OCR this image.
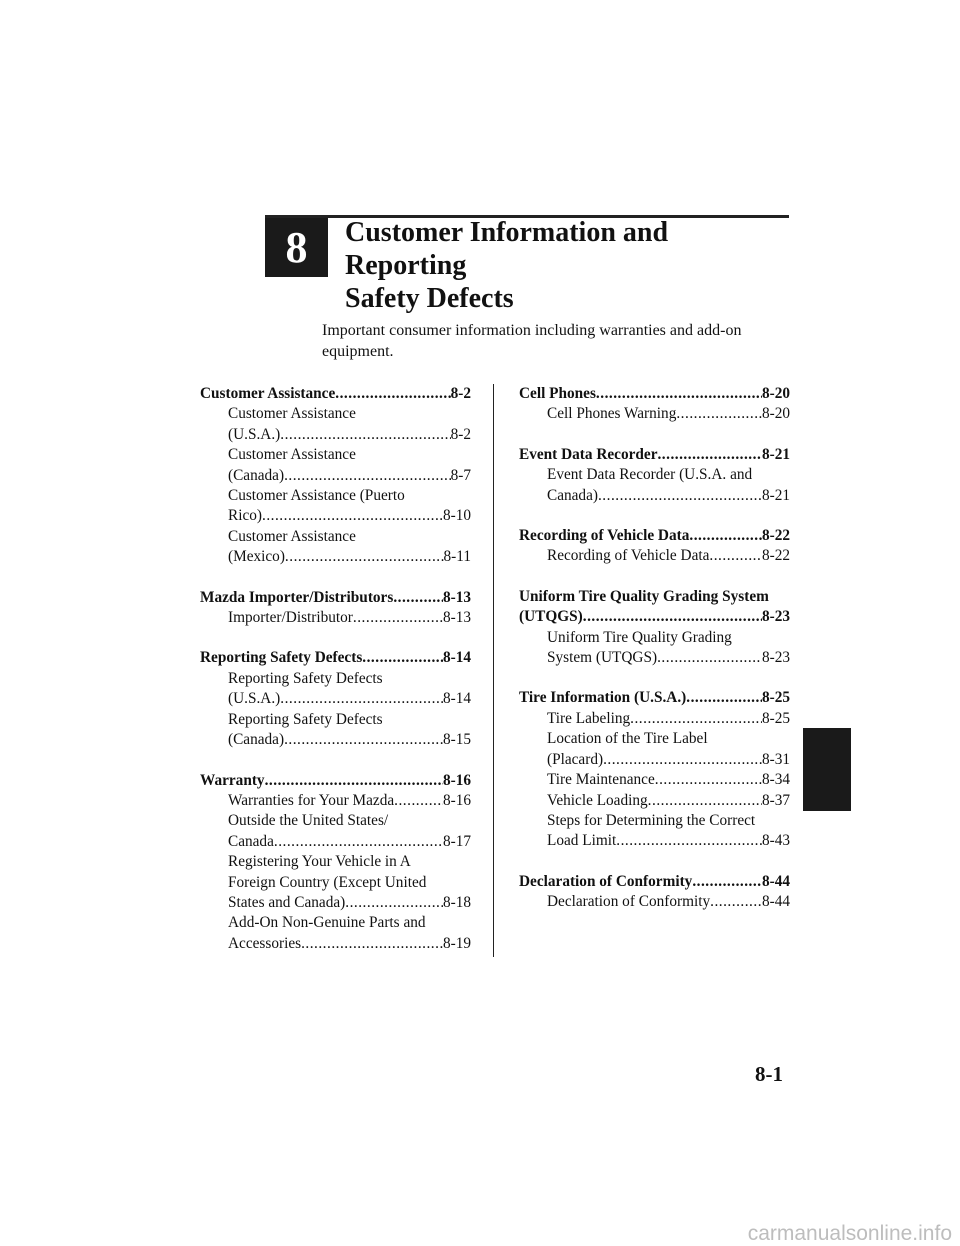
8 Customer Information and Reporting
Safety Defects
Important consumer information including warranties and add-on
equipment.
Customer Assistance .....	8-2
Customer Assistance
(U.S.A.) .....	8-2
Customer Assistance
(Canada) .....	8-7
Customer Assistance (Puerto
Rico) .....	8-10
Customer Assistance
(Mexico) .....	8-11
Mazda Importer/Distributors .....	8-13
Importer/Distributor .....	8-13
Reporting Safety Defects .....	8-14
Reporting Safety Defects
(U.S.A.) .....	8-14
Reporting Safety Defects
(Canada) .....	8-15
Warranty .....	8-16
Warranties for Your Mazda .....	8-16
Outside the United States/
Canada .....	8-17
Registering Your Vehicle in A
Foreign Country (Except United
States and Canada) .....	8-18
Add-On Non-Genuine Parts and
Accessories .....	8-19
Cell Phones .....	8-20
Cell Phones Warning .....	8-20
Event Data Recorder .....	8-21
Event Data Recorder (U.S.A. and
Canada) .....	8-21
Recording of Vehicle Data .....	8-22
Recording of Vehicle Data .....	8-22
Uniform Tire Quality Grading System
(UTQGS) .....	8-23
Uniform Tire Quality Grading
System (UTQGS) .....	8-23
Tire Information (U.S.A.) .....	8-25
Tire Labeling .....	8-25
Location of the Tire Label
(Placard) .....	8-31
Tire Maintenance .....	8-34
Vehicle Loading .....	8-37
Steps for Determining the Correct
Load Limit .....	8-43
Declaration of Conformity .....	8-44
Declaration of Conformity .....	8-44
8-1
carmanualsonline.info
